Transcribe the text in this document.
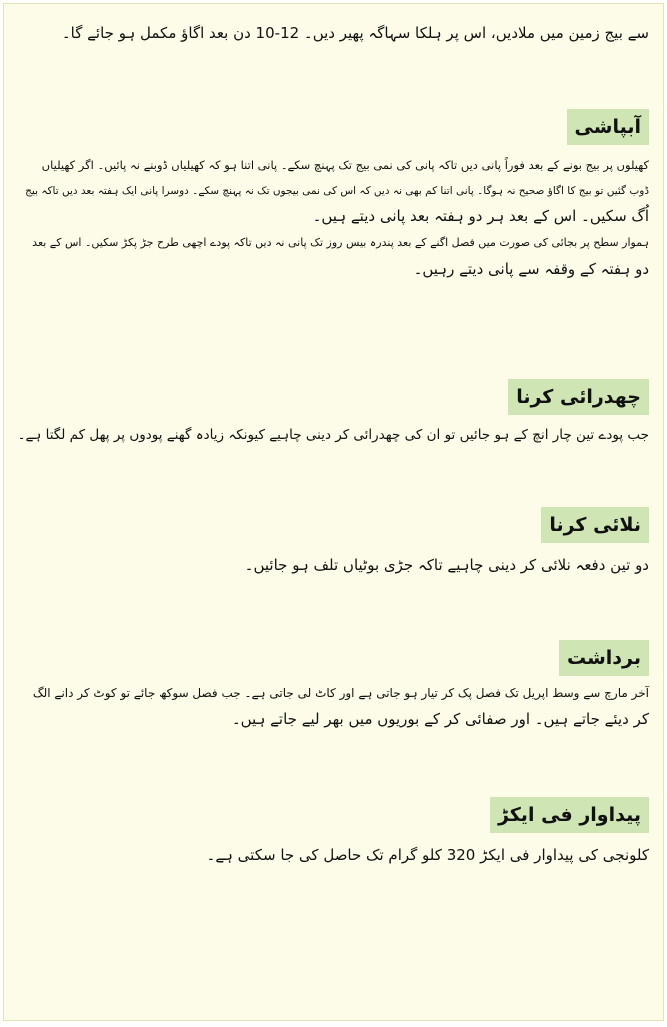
سے بیج زمین میں ملادیں، اس پر ہلکا سہاگہ پھیر دیں۔ 12-10 دن بعد اگاؤ مکمل ہو جائے گا۔
آبپاشی
کھیلوں پر بیج بونے کے بعد فوراً پانی دیں تاکہ پانی کی نمی بیج تک پہنچ سکے۔ پانی اتنا ہو کہ کھیلیاں ڈوبنے نہ پائیں۔ اگر کھیلیاں
ڈوب گئیں تو بیج کا اگاؤ صحیح نہ ہوگا۔ پانی اتنا کم بھی نہ دیں کہ اس کی نمی بیجوں تک نہ پہنچ سکے۔ دوسرا پانی ایک ہفتہ بعد دیں تاکہ بیج
اُگ سکیں۔ اس کے بعد ہر دو ہفتہ بعد پانی دیتے ہیں۔
ہموار سطح پر بجائی کی صورت میں فصل اگنے کے بعد پندرہ بیس روز تک پانی نہ دیں تاکہ پودے اچھی طرح جڑ پکڑ سکیں۔ اس کے بعد
دو ہفتہ کے وقفہ سے پانی دیتے رہیں۔
چھدرائی کرنا
جب پودے تین چار انچ کے ہو جائیں تو ان کی چھدرائی کر دینی چاہیے کیونکہ زیادہ گھنے پودوں پر پھل کم لگتا ہے۔
نلائی کرنا
دو تین دفعہ نلائی کر دینی چاہیے تاکہ جڑی بوٹیاں تلف ہو جائیں۔
برداشت
آخر مارچ سے وسط اپریل تک فصل پک کر تیار ہو جاتی ہے اور کاٹ لی جاتی ہے۔ جب فصل سوکھ جائے تو کوٹ کر دانے الگ
کر دیئے جاتے ہیں۔ اور صفائی کر کے بوریوں میں بھر لیے جاتے ہیں۔
پیداوار فی ایکڑ
کلونجی کی پیداوار فی ایکڑ 320 کلو گرام تک حاصل کی جا سکتی ہے۔
